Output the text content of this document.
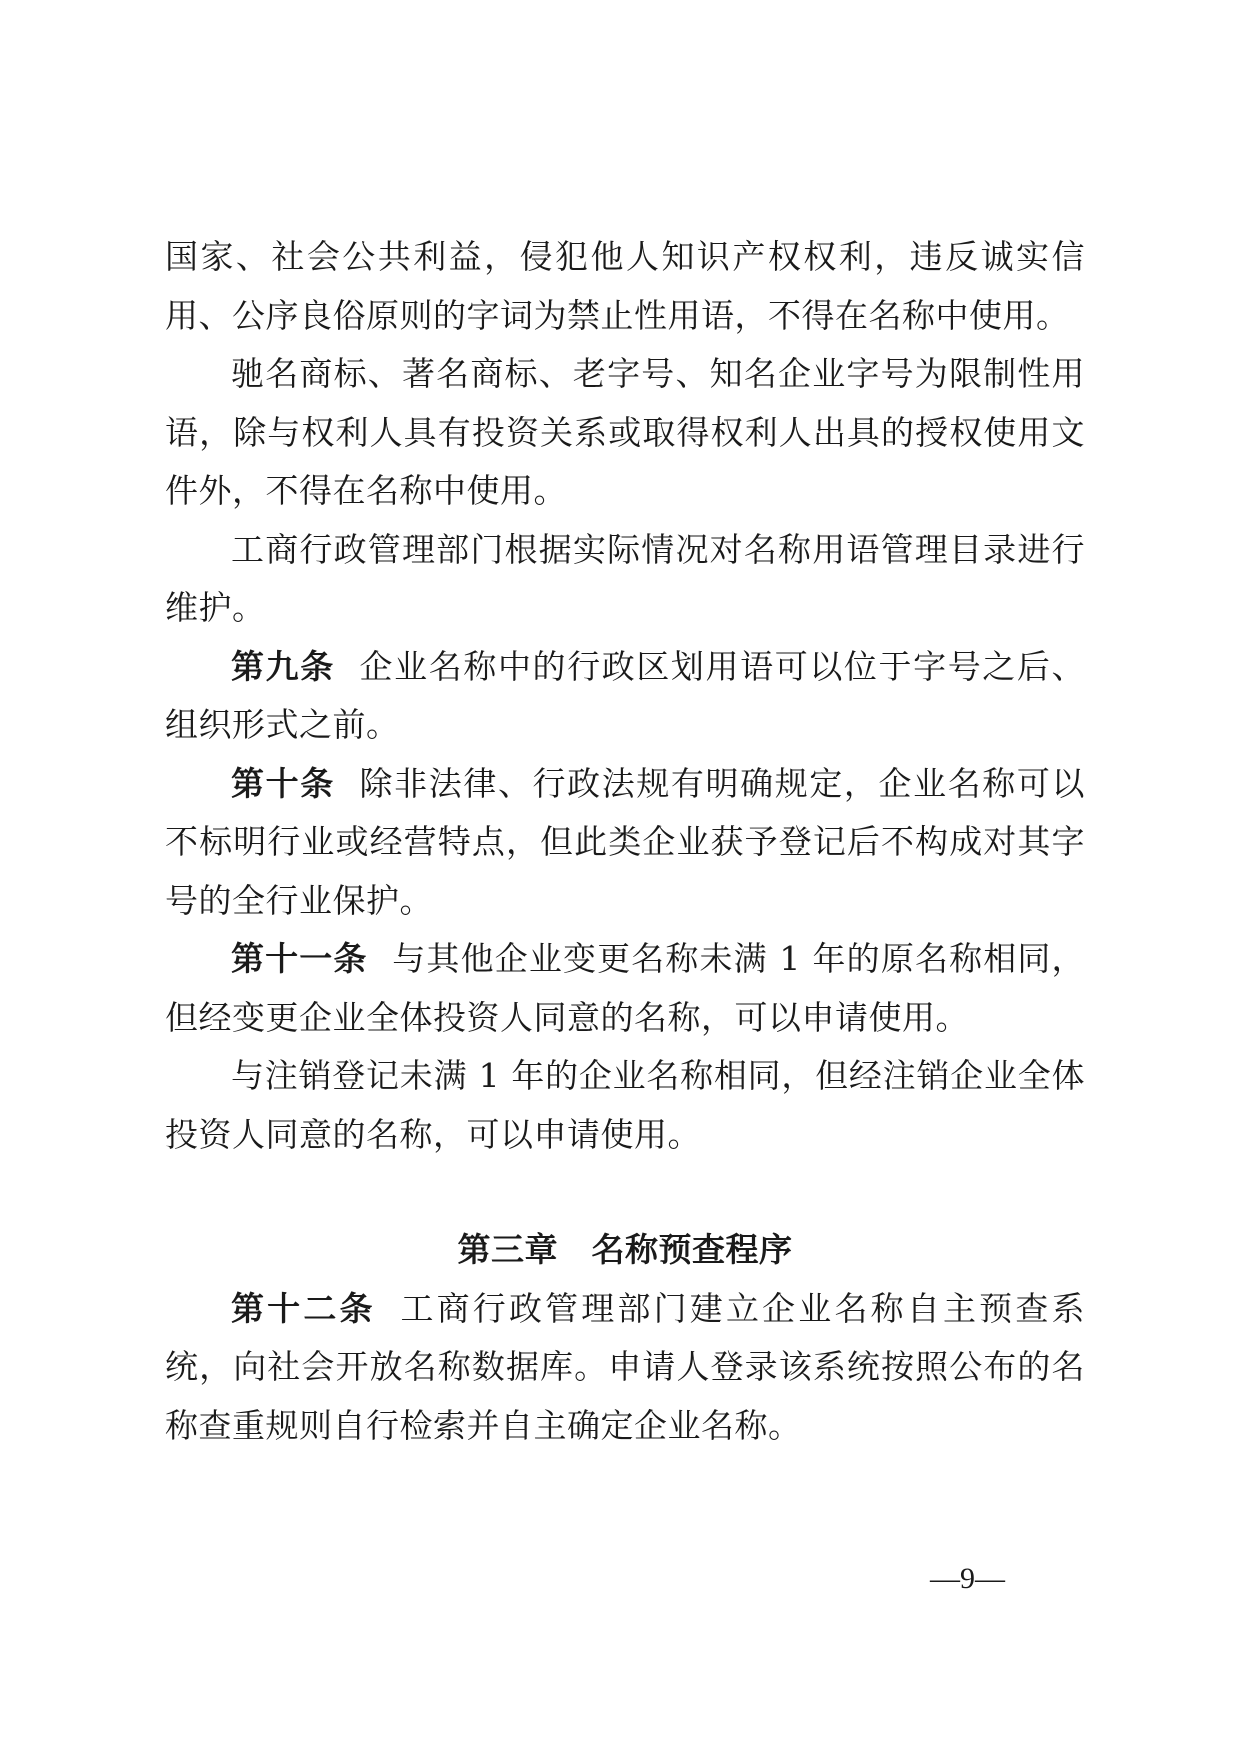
国家、社会公共利益，侵犯他人知识产权权利，违反诚实信用、公序良俗原则的字词为禁止性用语，不得在名称中使用。

驰名商标、著名商标、老字号、知名企业字号为限制性用语，除与权利人具有投资关系或取得权利人出具的授权使用文件外，不得在名称中使用。

工商行政管理部门根据实际情况对名称用语管理目录进行维护。

第九条 企业名称中的行政区划用语可以位于字号之后、组织形式之前。

第十条 除非法律、行政法规有明确规定，企业名称可以不标明行业或经营特点，但此类企业获予登记后不构成对其字号的全行业保护。

第十一条 与其他企业变更名称未满 1 年的原名称相同，但经变更企业全体投资人同意的名称，可以申请使用。

与注销登记未满 1 年的企业名称相同，但经注销企业全体投资人同意的名称，可以申请使用。

第三章　名称预查程序

第十二条 工商行政管理部门建立企业名称自主预查系统，向社会开放名称数据库。申请人登录该系统按照公布的名称查重规则自行检索并自主确定企业名称。

—9—
